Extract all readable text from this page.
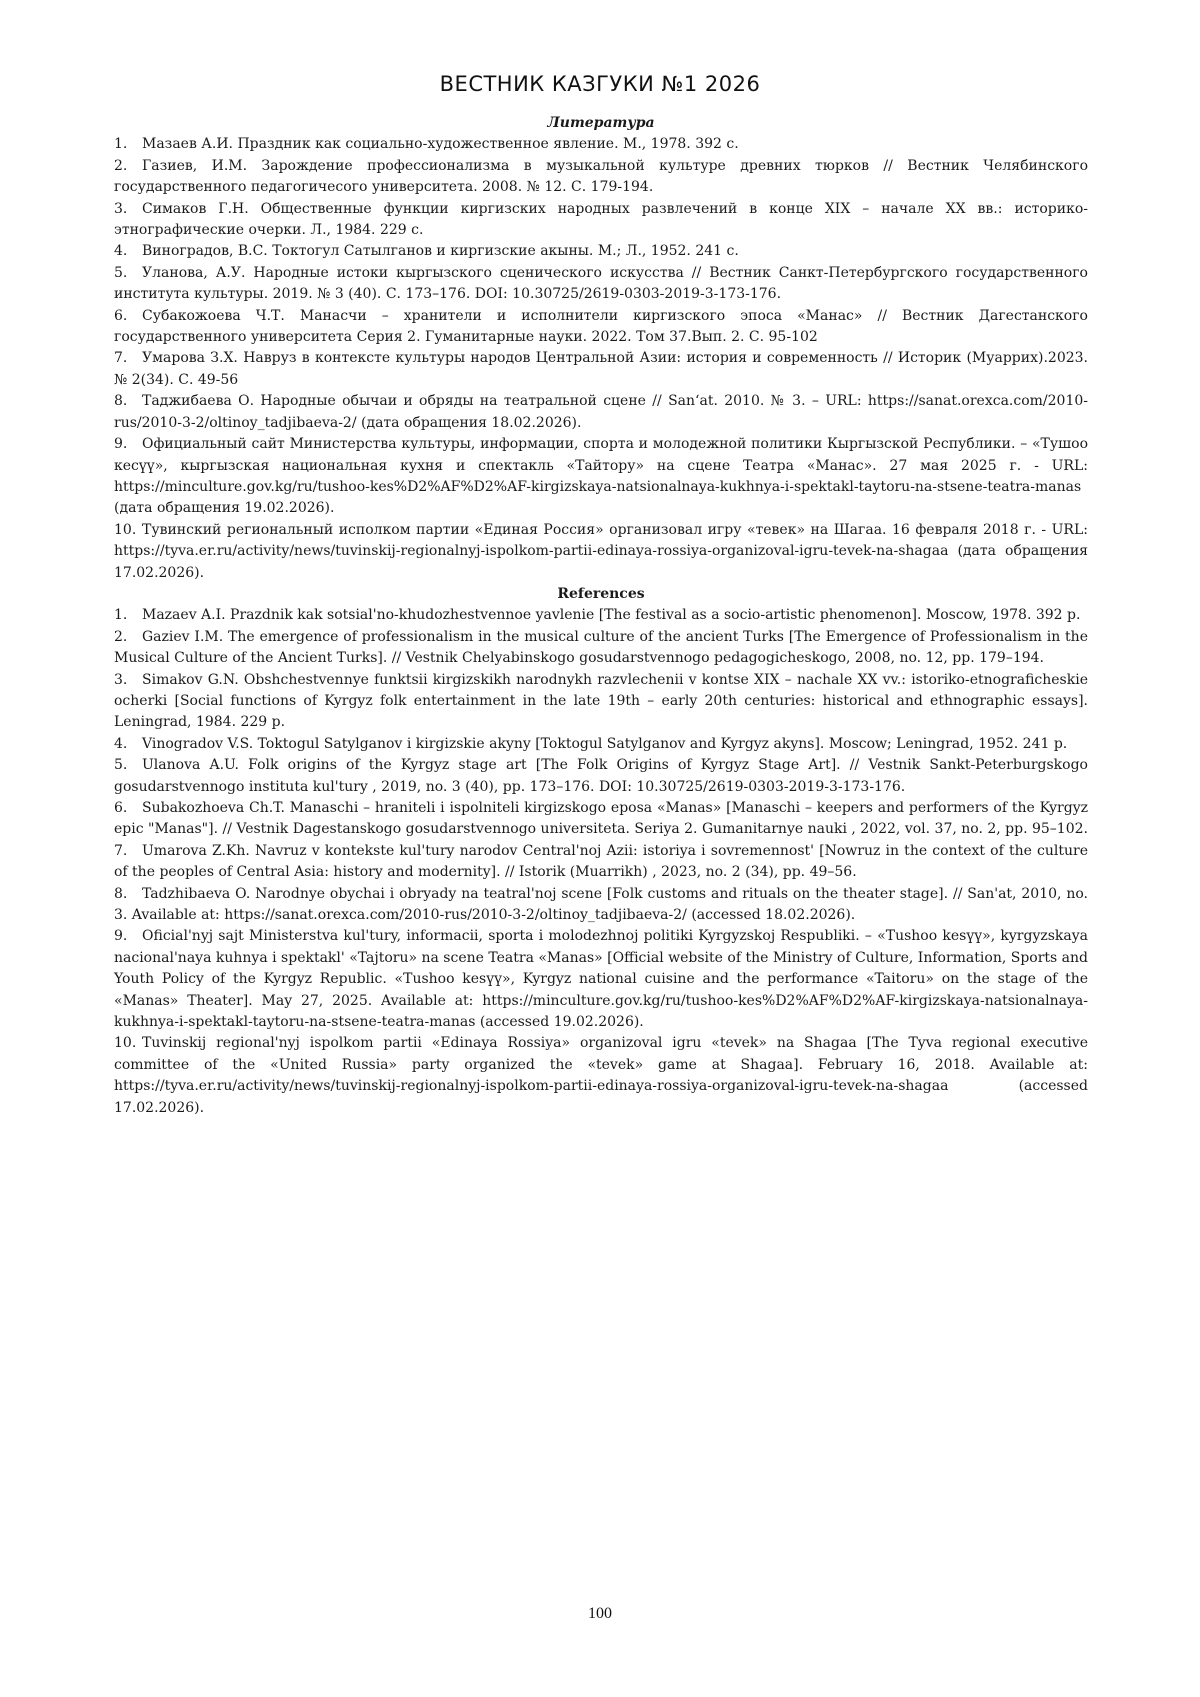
ВЕСТНИК КАЗГУКИ №1 2026

Литература

1. Мазаев А.И. Праздник как социально-художественное явление. М., 1978. 392 с.
2. Газиев, И.М. Зарождение профессионализма в музыкальной культуре древних тюрков // Вестник Челябинского государственного педагогичесого университета. 2008. № 12. С. 179-194.
3. Симаков Г.Н. Общественные функции киргизских народных развлечений в конце XIX – начале XX вв.: историко-этнографические очерки. Л., 1984. 229 с.
4. Виноградов, В.С. Токтогул Сатылганов и киргизские акыны. М.; Л., 1952. 241 с.
5. Уланова, А.У. Народные истоки кыргызского сценического искусства // Вестник Санкт-Петербургского государственного института культуры. 2019. № 3 (40). С. 173–176. DOI: 10.30725/2619-0303-2019-3-173-176.
6. Субакожоева Ч.Т. Манасчи – хранители и исполнители киргизского эпоса «Манас» // Вестник Дагестанского государственного университета Серия 2. Гуманитарные науки. 2022. Том 37.Вып. 2. С. 95-102
7. Умарова З.Х. Навруз в контексте культуры народов Центральной Азии: история и современность // Историк (Муаррих).2023. № 2(34). С. 49-56
8. Таджибаева О. Народные обычаи и обряды на театральной сцене // San‘at. 2010. № 3. – URL: https://sanat.orexca.com/2010-rus/2010-3-2/oltinoy_tadjibaeva-2/ (дата обращения 18.02.2026).
9. Официальный сайт Министерства культуры, информации, спорта и молодежной политики Кыргызской Республики. – «Тушоо кесүү», кыргызская национальная кухня и спектакль «Тайтору» на сцене Театра «Манас». 27 мая 2025 г. - URL: https://minculture.gov.kg/ru/tushoo-kes%D2%AF%D2%AF-kirgizskaya-natsionalnaya-kukhnya-i-spektakl-taytoru-na-stsene-teatra-manas (дата обращения 19.02.2026).
10. Тувинский региональный исполком партии «Единая Россия» организовал игру «тевек» на Шагаа. 16 февраля 2018 г. - URL: https://tyva.er.ru/activity/news/tuvinskij-regionalnyj-ispolkom-partii-edinaya-rossiya-organizoval-igru-tevek-na-shagaa (дата обращения 17.02.2026).

References

1. Mazaev A.I. Prazdnik kak sotsial'no-khudozhestvennoe yavlenie [The festival as a socio-artistic phenomenon]. Moscow, 1978. 392 p.
2. Gaziev I.M. The emergence of professionalism in the musical culture of the ancient Turks [The Emergence of Professionalism in the Musical Culture of the Ancient Turks]. // Vestnik Chelyabinskogo gosudarstvennogo pedagogicheskogo, 2008, no. 12, pp. 179–194.
3. Simakov G.N. Obshchestvennye funktsii kirgizskikh narodnykh razvlechenii v kontse XIX – nachale XX vv.: istoriko-etnograficheskie ocherki [Social functions of Kyrgyz folk entertainment in the late 19th – early 20th centuries: historical and ethnographic essays]. Leningrad, 1984. 229 p.
4. Vinogradov V.S. Toktogul Satylganov i kirgizskie akyny [Toktogul Satylganov and Kyrgyz akyns]. Moscow; Leningrad, 1952. 241 p.
5. Ulanova A.U. Folk origins of the Kyrgyz stage art [The Folk Origins of Kyrgyz Stage Art]. // Vestnik Sankt-Peterburgskogo gosudarstvennogo instituta kul'tury , 2019, no. 3 (40), pp. 173–176. DOI: 10.30725/2619-0303-2019-3-173-176.
6. Subakozhoeva Ch.T. Manaschi – hraniteli i ispolniteli kirgizskogo eposa «Manas» [Manaschi – keepers and performers of the Kyrgyz epic "Manas"]. // Vestnik Dagestanskogo gosudarstvennogo universiteta. Seriya 2. Gumanitarnye nauki , 2022, vol. 37, no. 2, pp. 95–102.
7. Umarova Z.Kh. Navruz v kontekste kul'tury narodov Central'noj Azii: istoriya i sovremennost' [Nowruz in the context of the culture of the peoples of Central Asia: history and modernity]. // Istorik (Muarrikh) , 2023, no. 2 (34), pp. 49–56.
8. Tadzhibaeva O. Narodnye obychai i obryady na teatral'noj scene [Folk customs and rituals on the theater stage]. // San'at, 2010, no. 3. Available at: https://sanat.orexca.com/2010-rus/2010-3-2/oltinoy_tadjibaeva-2/ (accessed 18.02.2026).
9. Oficial'nyj sajt Ministerstva kul'tury, informacii, sporta i molodezhnoj politiki Kyrgyzskoj Respubliki. – «Tushoo kesүү», kyrgyzskaya nacional'naya kuhnya i spektakl' «Tajtoru» na scene Teatra «Manas» [Official website of the Ministry of Culture, Information, Sports and Youth Policy of the Kyrgyz Republic. «Tushoo kesүү», Kyrgyz national cuisine and the performance «Taitoru» on the stage of the «Manas» Theater]. May 27, 2025. Available at: https://minculture.gov.kg/ru/tushoo-kes%D2%AF%D2%AF-kirgizskaya-natsionalnaya-kukhnya-i-spektakl-taytoru-na-stsene-teatra-manas (accessed 19.02.2026).
10. Tuvinskij regional'nyj ispolkom partii «Edinaya Rossiya» organizoval igru «tevek» na Shagaa [The Tyva regional executive committee of the «United Russia» party organized the «tevek» game at Shagaa]. February 16, 2018. Available at: https://tyva.er.ru/activity/news/tuvinskij-regionalnyj-ispolkom-partii-edinaya-rossiya-organizoval-igru-tevek-na-shagaa (accessed 17.02.2026).
100
